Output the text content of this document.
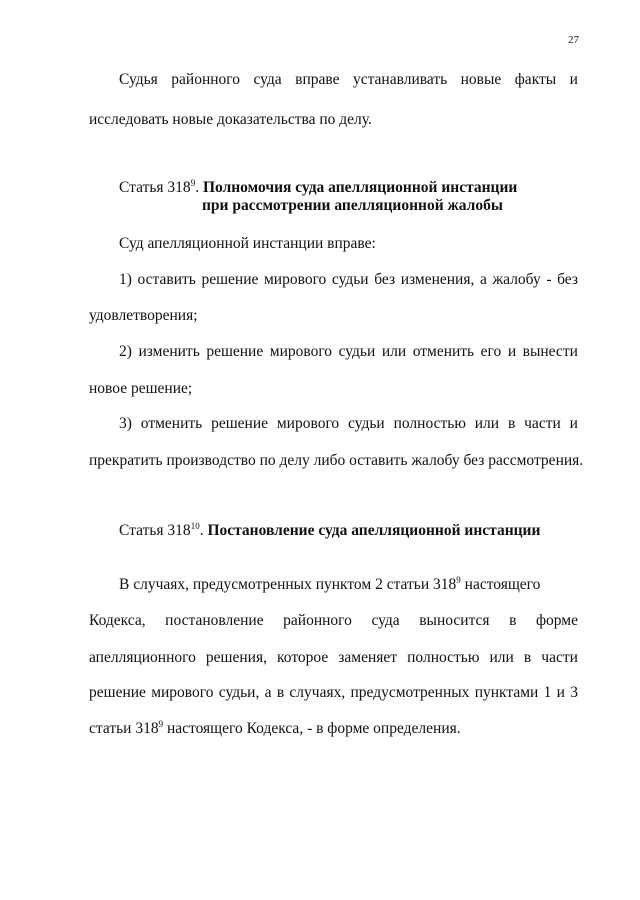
27
Судья районного суда вправе устанавливать новые факты и
исследовать новые доказательства по делу.
Статья $318^9$. Полномочия суда апелляционной инстанции
при рассмотрении апелляционной жалобы
Суд апелляционной инстанции вправе:
1) оставить решение мирового судьи без изменения, а жалобу - без
удовлетворения;
2) изменить решение мирового судьи или отменить его и вынести
новое решение;
3) отменить решение мирового судьи полностью или в части и
прекратить производство по делу либо оставить жалобу без рассмотрения.
Статья $318^{10}$. Постановление суда апелляционной инстанции
В случаях, предусмотренных пунктом 2 статьи $318^9$ настоящего
Кодекса, постановление районного суда выносится в форме
апелляционного решения, которое заменяет полностью или в части
решение мирового судьи, а в случаях, предусмотренных пунктами 1 и 3
статьи $318^9$ настоящего Кодекса, - в форме определения.
